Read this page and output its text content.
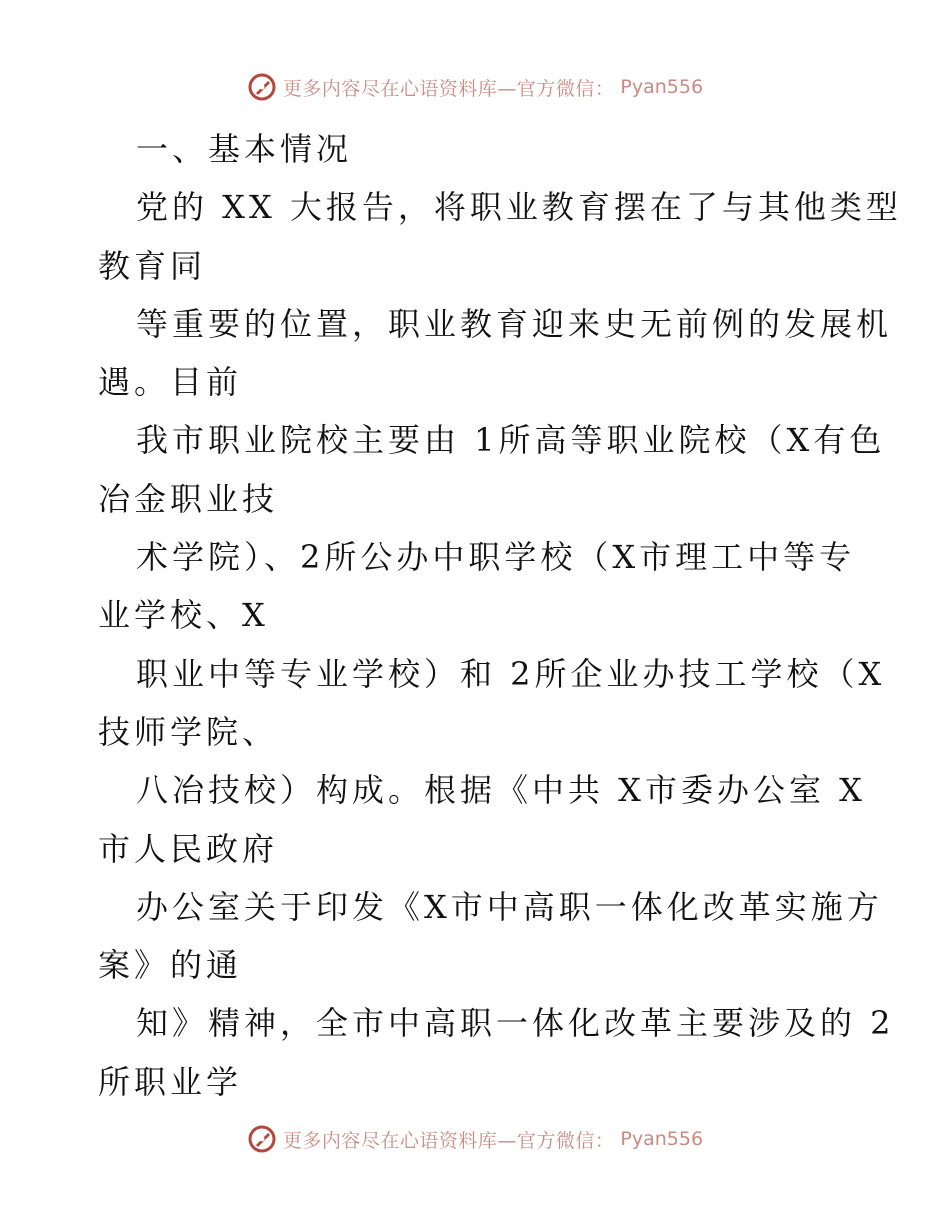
更多内容尽在心语资料库—官方微信： Pyan556
一、基本情况
党的 XX 大报告，将职业教育摆在了与其他类型
教育同
等重要的位置，职业教育迎来史无前例的发展机
遇。目前
我市职业院校主要由 1所高等职业院校（X有色
冶金职业技
术学院）、2所公办中职学校（X市理工中等专
业学校、X
职业中等专业学校）和 2所企业办技工学校（X
技师学院、
八冶技校）构成。根据《中共 X市委办公室 X
市人民政府
办公室关于印发《X市中高职一体化改革实施方
案》的通
知》精神，全市中高职一体化改革主要涉及的 2
所职业学
更多内容尽在心语资料库—官方微信： Pyan556
